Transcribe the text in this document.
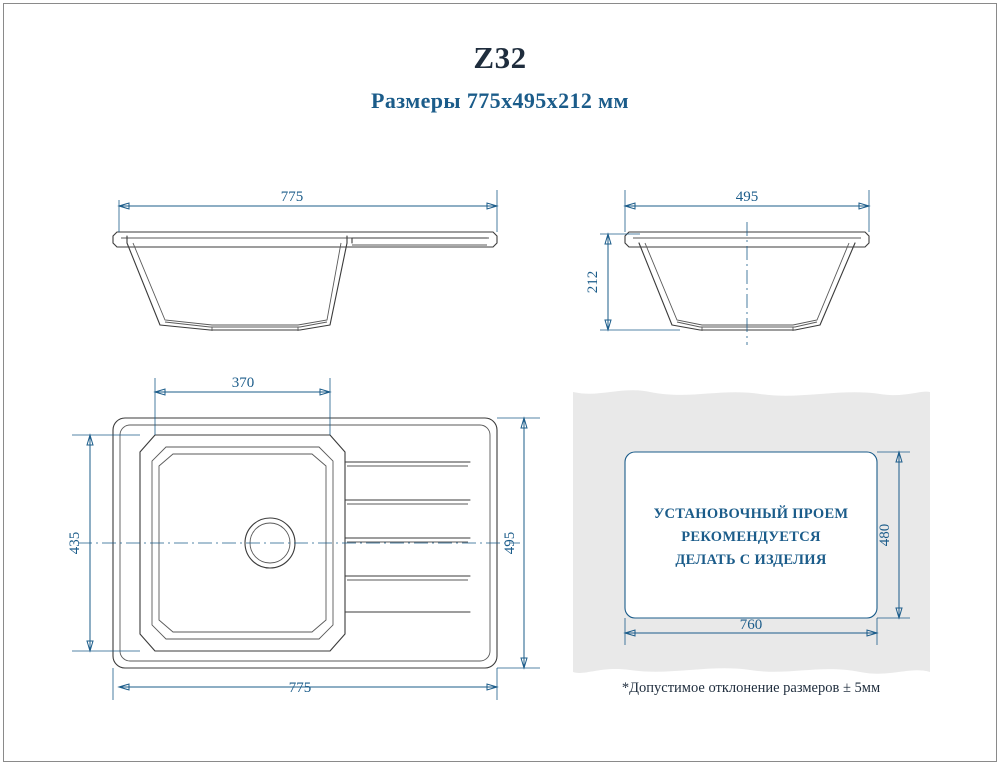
Z32
Размеры 775х495х212 мм
775	495
212
370
435	495
775
УСТАНОВОЧНЫЙ ПРОЕМ
РЕКОМЕНДУЕТСЯ
ДЕЛАТЬ С ИЗДЕЛИЯ
480
760
*Допустимое отклонение размеров ± 5мм
